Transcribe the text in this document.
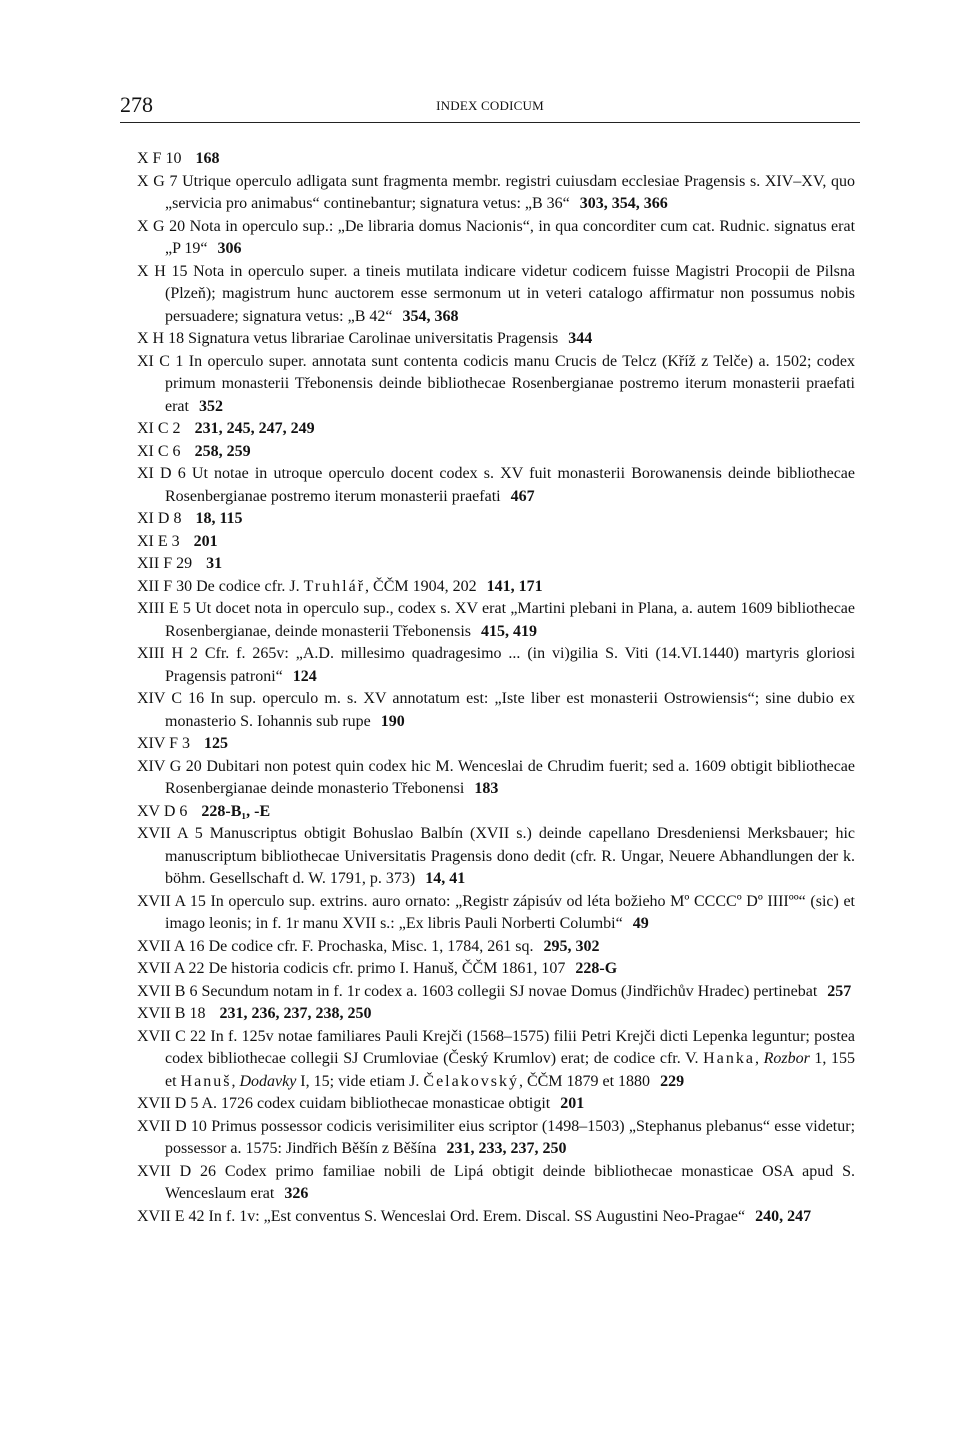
278	INDEX CODICUM

X F 10 168

X G 7 Utrique operculo adligata sunt fragmenta membr. registri cuiusdam ecclesiae Pragensis s. XIV–XV, quo „servicia pro animabus“ continebantur; signatura vetus: „B 36“ 303, 354, 366

X G 20 Nota in operculo sup.: „De libraria domus Nacionis“, in qua concorditer cum cat. Rudnic. signatus erat „P 19“ 306

X H 15 Nota in operculo super. a tineis mutilata indicare videtur codicem fuisse Magistri Procopii de Pilsna (Plzeň); magistrum hunc auctorem esse sermonum ut in veteri catalogo affirmatur non possumus nobis persuadere; signatura vetus: „B 42“ 354, 368

X H 18 Signatura vetus librariae Carolinae universitatis Pragensis 344

XI C 1 In operculo super. annotata sunt contenta codicis manu Crucis de Telcz (Kříž z Telče) a. 1502; codex primum monasterii Třebonensis deinde bibliothecae Rosenbergianae postremo iterum monasterii praefati erat 352

XI C 2 231, 245, 247, 249

XI C 6 258, 259

XI D 6 Ut notae in utroque operculo docent codex s. XV fuit monasterii Borowanensis deinde bibliothecae Rosenbergianae postremo iterum monasterii praefati 467

XI D 8 18, 115

XI E 3 201

XII F 29 31

XII F 30 De codice cfr. J. Truhlář, ČČM 1904, 202 141, 171

XIII E 5 Ut docet nota in operculo sup., codex s. XV erat „Martini plebani in Plana, a. autem 1609 bibliothecae Rosenbergianae, deinde monasterii Třebonensis 415, 419

XIII H 2 Cfr. f. 265v: „A.D. millesimo quadragesimo ... (in vi)gilia S. Viti (14.VI.1440) martyris gloriosi Pragensis patroni“ 124

XIV C 16 In sup. operculo m. s. XV annotatum est: „Iste liber est monasterii Ostrowiensis“; sine dubio ex monasterio S. Iohannis sub rupe 190

XIV F 3 125

XIV G 20 Dubitari non potest quin codex hic M. Wenceslai de Chrudim fuerit; sed a. 1609 obtigit bibliothecae Rosenbergianae deinde monasterio Třebonensi 183

XV D 6 228-B₁, -E

XVII A 5 Manuscriptus obtigit Bohuslao Balbín (XVII s.) deinde capellano Dresdeniensi Merksbauer; hic manuscriptum bibliothecae Universitatis Pragensis dono dedit (cfr. R. Ungar, Neuere Abhandlungen der k. böhm. Gesellschaft d. W. 1791, p. 373) 14, 41

XVII A 15 In operculo sup. extrins. auro ornato: „Registr zápisúv od léta božieho Mº CCCCº Dº IIIIºº“ (sic) et imago leonis; in f. 1r manu XVII s.: „Ex libris Pauli Norberti Columbi“ 49

XVII A 16 De codice cfr. F. Prochaska, Misc. 1, 1784, 261 sq. 295, 302

XVII A 22 De historia codicis cfr. primo I. Hanuš, ČČM 1861, 107 228-G

XVII B 6 Secundum notam in f. 1r codex a. 1603 collegii SJ novae Domus (Jindřichův Hradec) pertinebat 257

XVII B 18 231, 236, 237, 238, 250

XVII C 22 In f. 125v notae familiares Pauli Krejči (1568–1575) filii Petri Krejči dicti Lepenka leguntur; postea codex bibliothecae collegii SJ Crumloviae (Český Krumlov) erat; de codice cfr. V. Hanka, Rozbor 1, 155 et Hanuš, Dodavky I, 15; vide etiam J. Čelakovský, ČČM 1879 et 1880 229

XVII D 5 A. 1726 codex cuidam bibliothecae monasticae obtigit 201

XVII D 10 Primus possessor codicis verisimiliter eius scriptor (1498–1503) „Stephanus plebanus“ esse videtur; possessor a. 1575: Jindřich Běšín z Běšína 231, 233, 237, 250

XVII D 26 Codex primo familiae nobili de Lipá obtigit deinde bibliothecae monasticae OSA apud S. Wenceslaum erat 326

XVII E 42 In f. 1v: „Est conventus S. Wenceslai Ord. Erem. Discal. SS Augustini Neo-Pragae“ 240, 247
